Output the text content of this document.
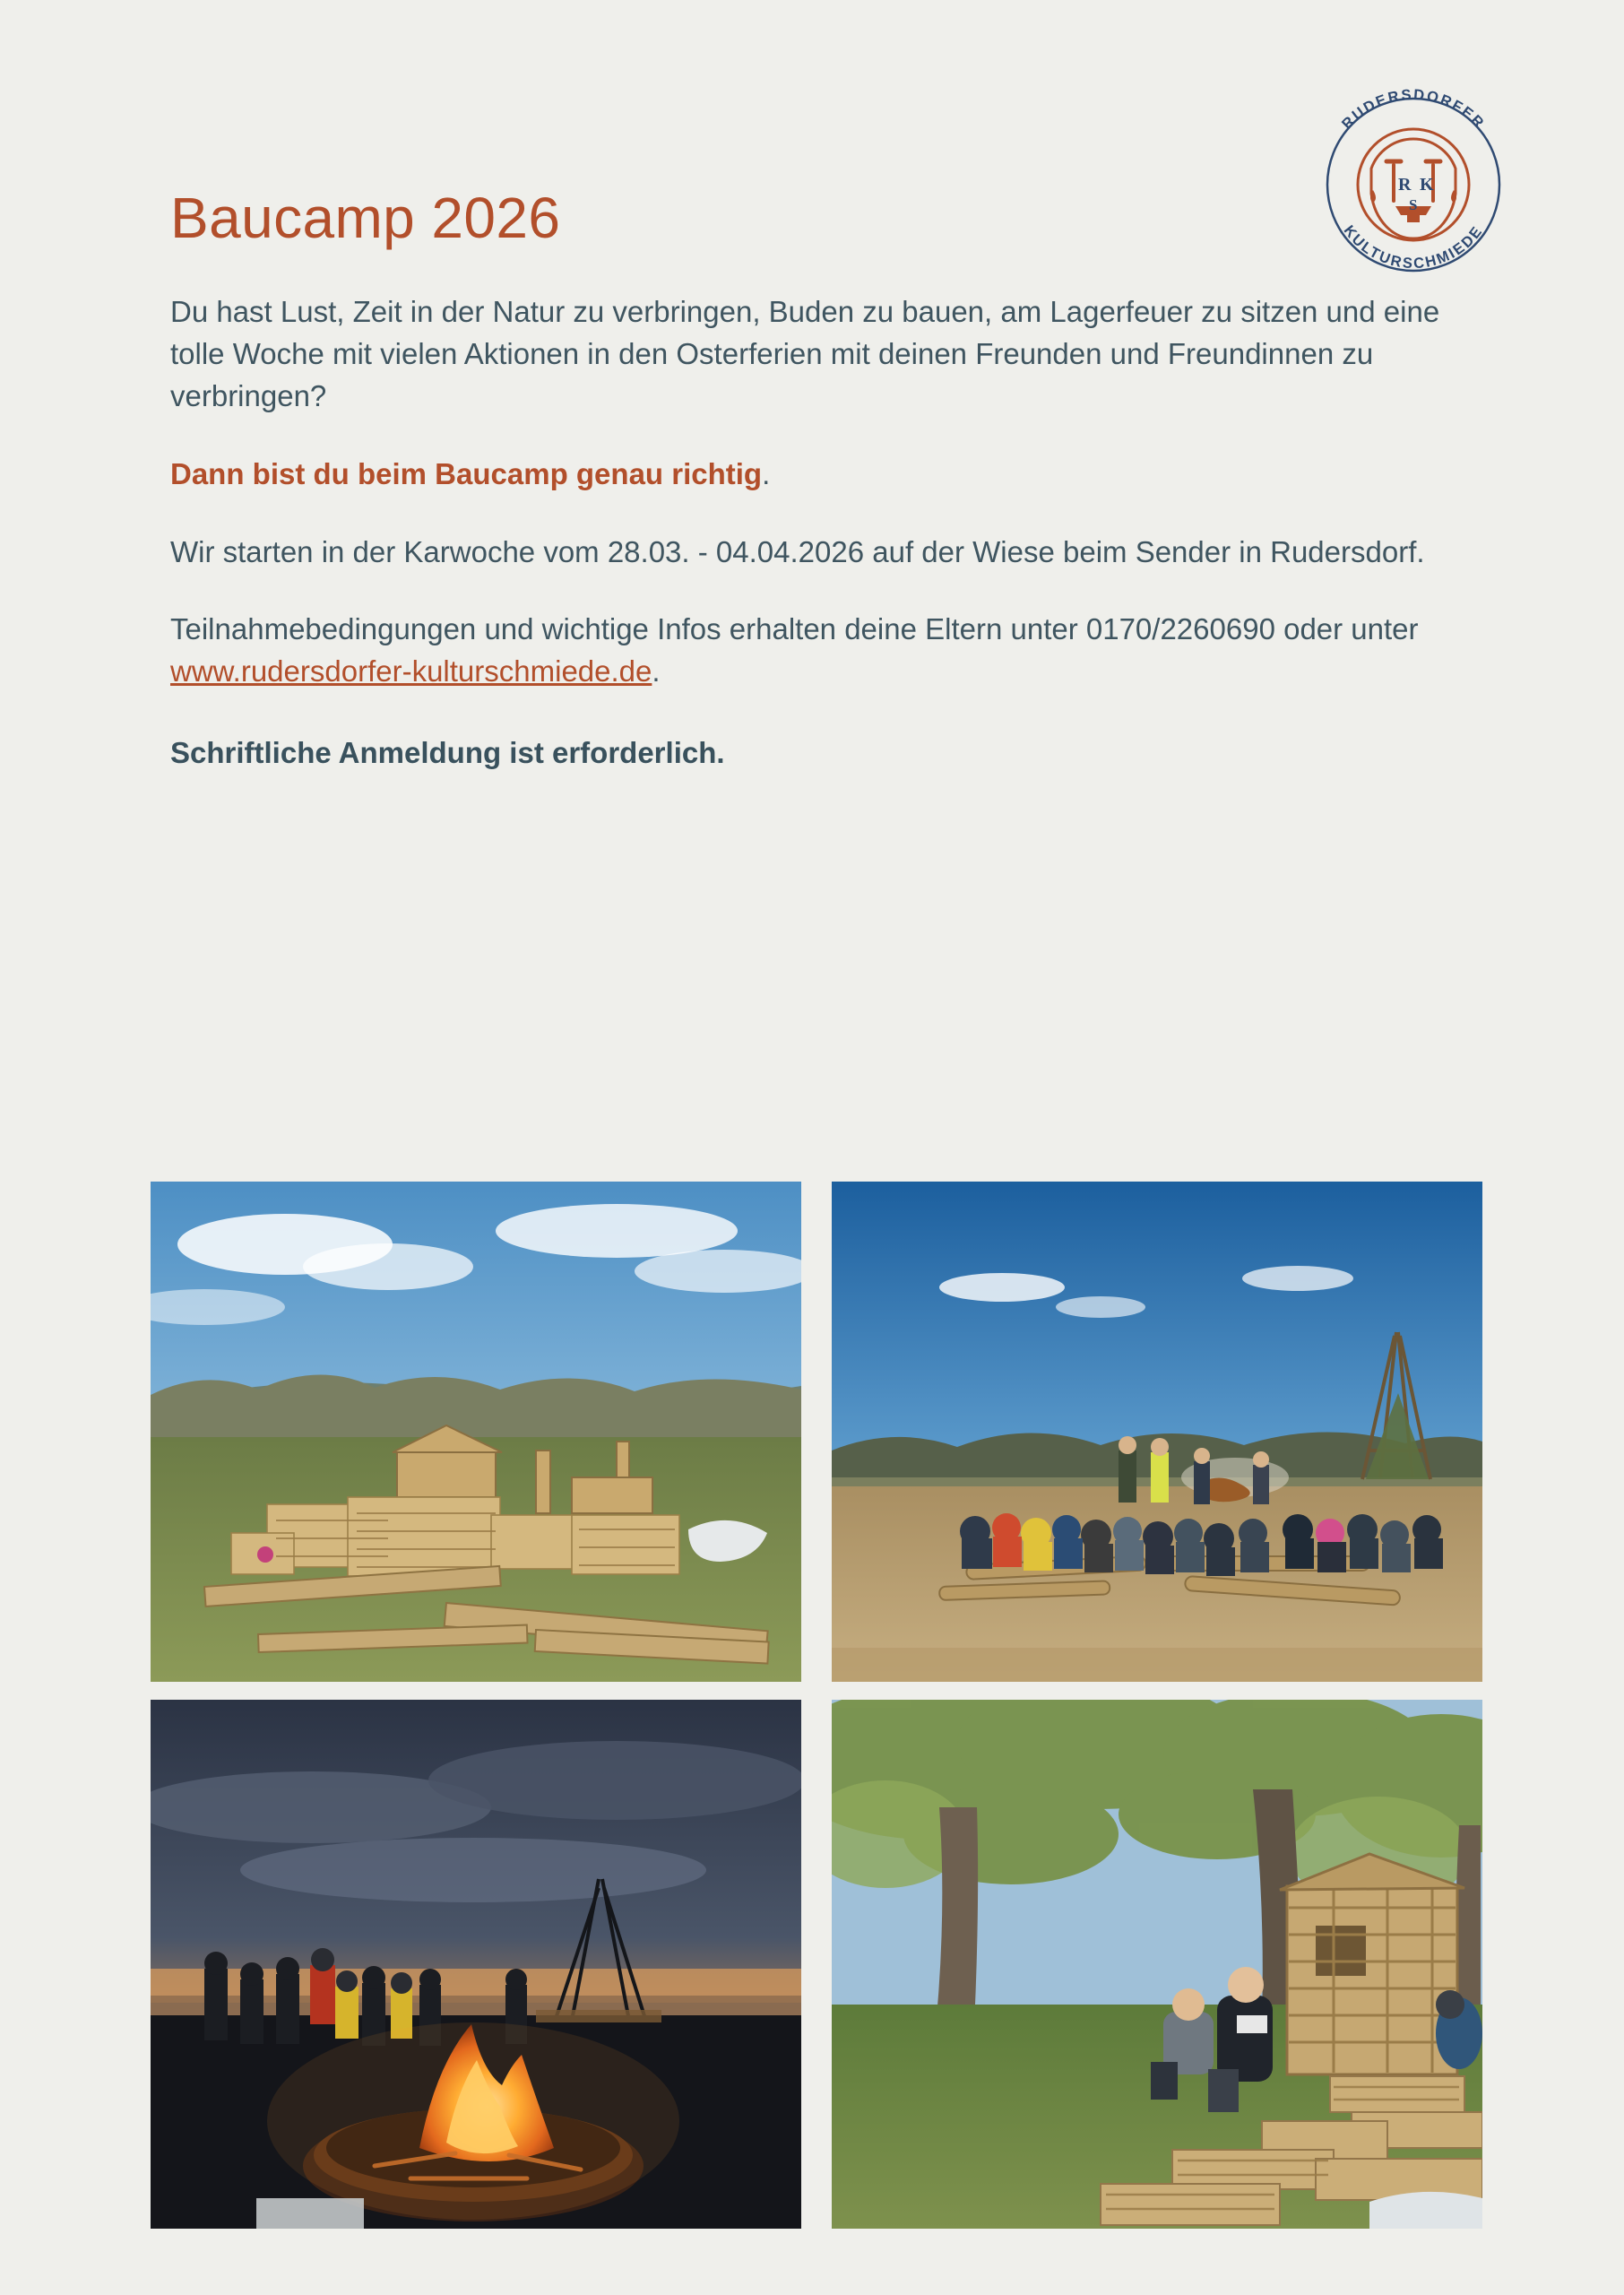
R K
S
RUDERSDORFER
KULTURSCHMIEDE
Baucamp 2026

Du hast Lust, Zeit in der Natur zu verbringen, Buden zu bauen, am Lagerfeuer zu sitzen und eine tolle Woche mit vielen Aktionen in den Osterferien mit deinen Freunden und Freundinnen zu verbringen?

Dann bist du beim Baucamp genau richtig.

Wir starten in der Karwoche vom 28.03. - 04.04.2026 auf der Wiese beim Sender in Rudersdorf.

Teilnahmebedingungen und wichtige Infos erhalten deine Eltern unter 0170/2260690 oder unter www.rudersdorfer-kulturschmiede.de.

Schriftliche Anmeldung ist erforderlich.
